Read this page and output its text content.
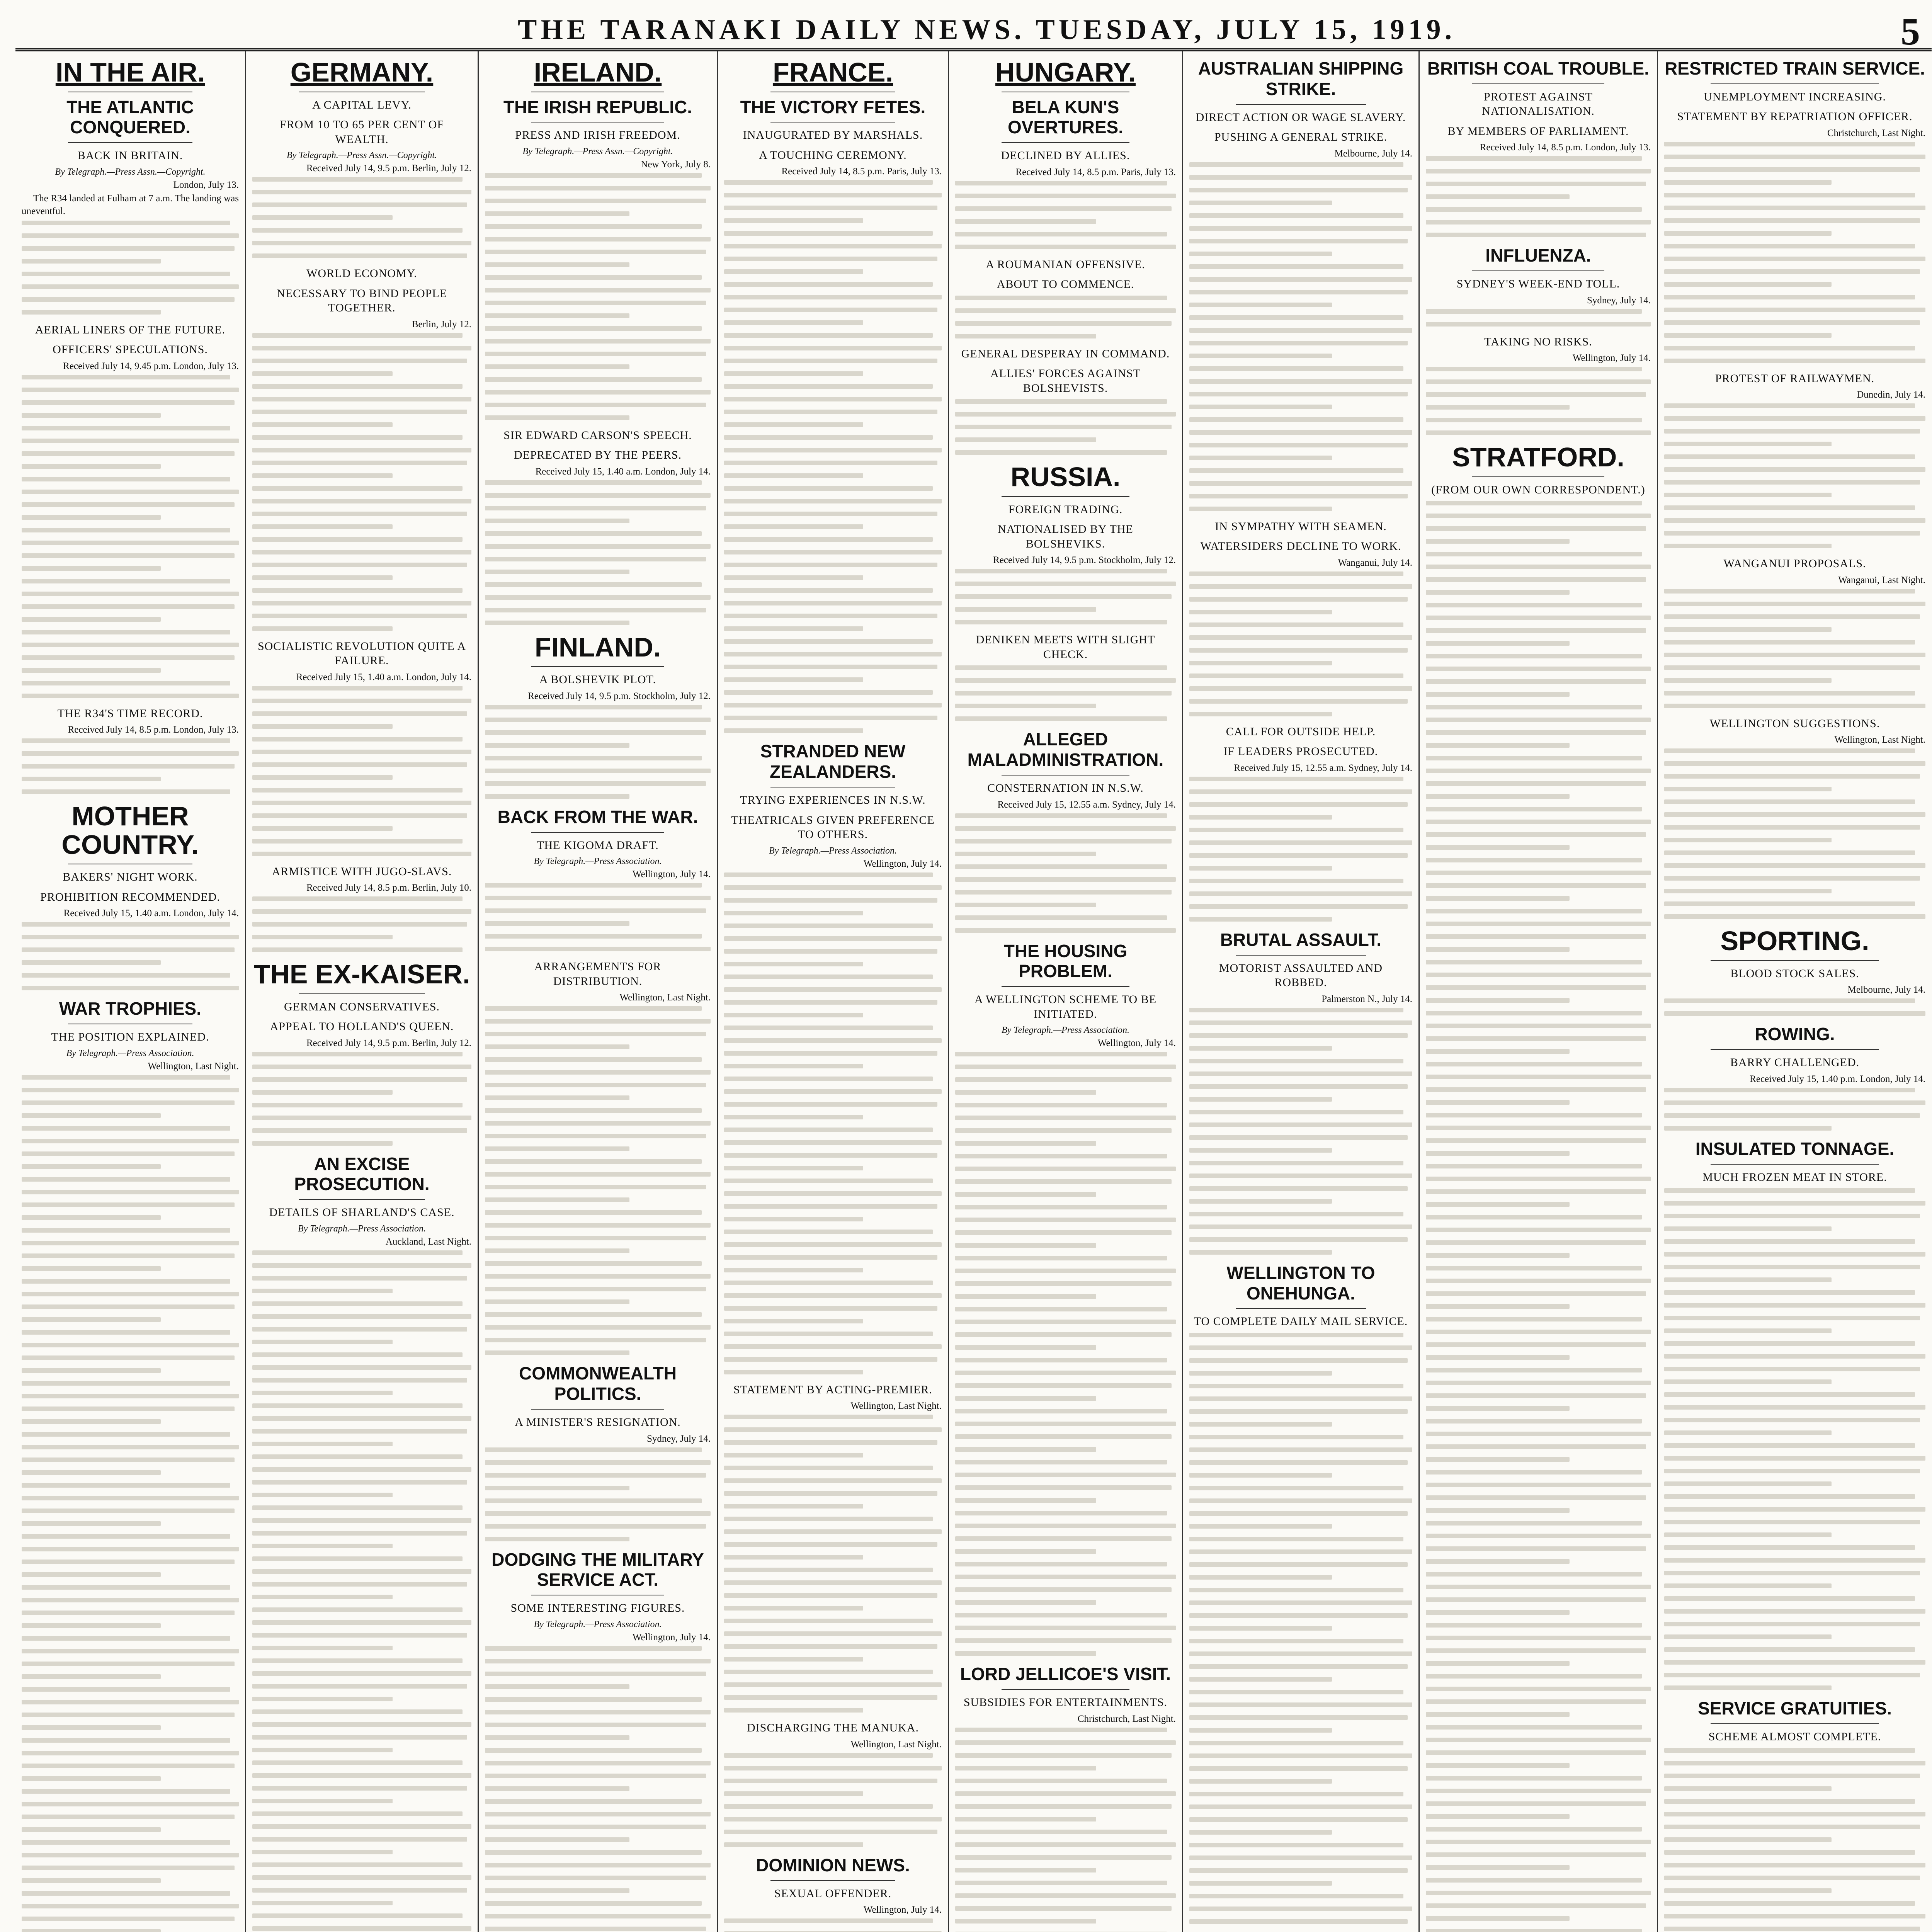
THE TARANAKI DAILY NEWS. TUESDAY, JULY 15, 1919.	5
IN THE AIR.
THE ATLANTIC CONQUERED.
BACK IN BRITAIN.
By Telegraph.—Press Assn.—Copyright.
London, July 13.
The R34 landed at Fulham at 7 a.m. The landing was uneventful.
AERIAL LINERS OF THE FUTURE.
OFFICERS' SPECULATIONS.
Received July 14, 9.45 p.m. London, July 13.
THE R34'S TIME RECORD.
Received July 14, 8.5 p.m. London, July 13.
MOTHER COUNTRY.
BAKERS' NIGHT WORK.
PROHIBITION RECOMMENDED.
Received July 15, 1.40 a.m. London, July 14.
WAR TROPHIES.
THE POSITION EXPLAINED.
By Telegraph.—Press Association.
Wellington, Last Night.
GERMANY.
A CAPITAL LEVY.
FROM 10 TO 65 PER CENT OF WEALTH.
By Telegraph.—Press Assn.—Copyright.
Received July 14, 9.5 p.m. Berlin, July 12.
WORLD ECONOMY.
NECESSARY TO BIND PEOPLE TOGETHER.
Berlin, July 12.
SOCIALISTIC REVOLUTION QUITE A FAILURE.
Received July 15, 1.40 a.m. London, July 14.
ARMISTICE WITH JUGO-SLAVS.
Received July 14, 8.5 p.m. Berlin, July 10.
THE EX-KAISER.
GERMAN CONSERVATIVES.
APPEAL TO HOLLAND'S QUEEN.
Received July 14, 9.5 p.m. Berlin, July 12.
AN EXCISE PROSECUTION.
DETAILS OF SHARLAND'S CASE.
By Telegraph.—Press Association.
Auckland, Last Night.
IRELAND.
THE IRISH REPUBLIC.
PRESS AND IRISH FREEDOM.
By Telegraph.—Press Assn.—Copyright.
New York, July 8.
SIR EDWARD CARSON'S SPEECH.
DEPRECATED BY THE PEERS.
Received July 15, 1.40 a.m. London, July 14.
FINLAND.
A BOLSHEVIK PLOT.
Received July 14, 9.5 p.m. Stockholm, July 12.
BACK FROM THE WAR.
THE KIGOMA DRAFT.
By Telegraph.—Press Association.
Wellington, July 14.
ARRANGEMENTS FOR DISTRIBUTION.
Wellington, Last Night.
COMMONWEALTH POLITICS.
A MINISTER'S RESIGNATION.
Sydney, July 14.
DODGING THE MILITARY SERVICE ACT.
SOME INTERESTING FIGURES.
By Telegraph.—Press Association.
Wellington, July 14.
FRANCE.
THE VICTORY FETES.
INAUGURATED BY MARSHALS.
A TOUCHING CEREMONY.
Received July 14, 8.5 p.m. Paris, July 13.
STRANDED NEW ZEALANDERS.
TRYING EXPERIENCES IN N.S.W.
THEATRICALS GIVEN PREFERENCE TO OTHERS.
By Telegraph.—Press Association.
Wellington, July 14.
STATEMENT BY ACTING-PREMIER.
Wellington, Last Night.
DISCHARGING THE MANUKA.
Wellington, Last Night.
DOMINION NEWS.
SEXUAL OFFENDER.
Wellington, July 14.
HUNGARY.
BELA KUN'S OVERTURES.
DECLINED BY ALLIES.
Received July 14, 8.5 p.m. Paris, July 13.
A ROUMANIAN OFFENSIVE.
ABOUT TO COMMENCE.
GENERAL DESPERAY IN COMMAND.
ALLIES' FORCES AGAINST BOLSHEVISTS.
RUSSIA.
FOREIGN TRADING.
NATIONALISED BY THE BOLSHEVIKS.
Received July 14, 9.5 p.m. Stockholm, July 12.
DENIKEN MEETS WITH SLIGHT CHECK.
ALLEGED MALADMINISTRATION.
CONSTERNATION IN N.S.W.
Received July 15, 12.55 a.m. Sydney, July 14.
THE HOUSING PROBLEM.
A WELLINGTON SCHEME TO BE INITIATED.
By Telegraph.—Press Association.
Wellington, July 14.
LORD JELLICOE'S VISIT.
SUBSIDIES FOR ENTERTAINMENTS.
Christchurch, Last Night.
AUSTRALIAN SHIPPING STRIKE.
DIRECT ACTION OR WAGE SLAVERY.
PUSHING A GENERAL STRIKE.
Melbourne, July 14.
IN SYMPATHY WITH SEAMEN.
WATERSIDERS DECLINE TO WORK.
Wanganui, July 14.
CALL FOR OUTSIDE HELP.
IF LEADERS PROSECUTED.
Received July 15, 12.55 a.m. Sydney, July 14.
BRUTAL ASSAULT.
MOTORIST ASSAULTED AND ROBBED.
Palmerston N., July 14.
WELLINGTON TO ONEHUNGA.
TO COMPLETE DAILY MAIL SERVICE.
BRITISH COAL TROUBLE.
PROTEST AGAINST NATIONALISATION.
BY MEMBERS OF PARLIAMENT.
Received July 14, 8.5 p.m. London, July 13.
INFLUENZA.
SYDNEY'S WEEK-END TOLL.
Sydney, July 14.
TAKING NO RISKS.
Wellington, July 14.
STRATFORD.
(FROM OUR OWN CORRESPONDENT.)
RESTRICTED TRAIN SERVICE.
UNEMPLOYMENT INCREASING.
STATEMENT BY REPATRIATION OFFICER.
Christchurch, Last Night.
PROTEST OF RAILWAYMEN.
Dunedin, July 14.
WANGANUI PROPOSALS.
Wanganui, Last Night.
WELLINGTON SUGGESTIONS.
Wellington, Last Night.
SPORTING.
BLOOD STOCK SALES.
Melbourne, July 14.
ROWING.
BARRY CHALLENGED.
Received July 15, 1.40 p.m. London, July 14.
INSULATED TONNAGE.
MUCH FROZEN MEAT IN STORE.
SERVICE GRATUITIES.
SCHEME ALMOST COMPLETE.
